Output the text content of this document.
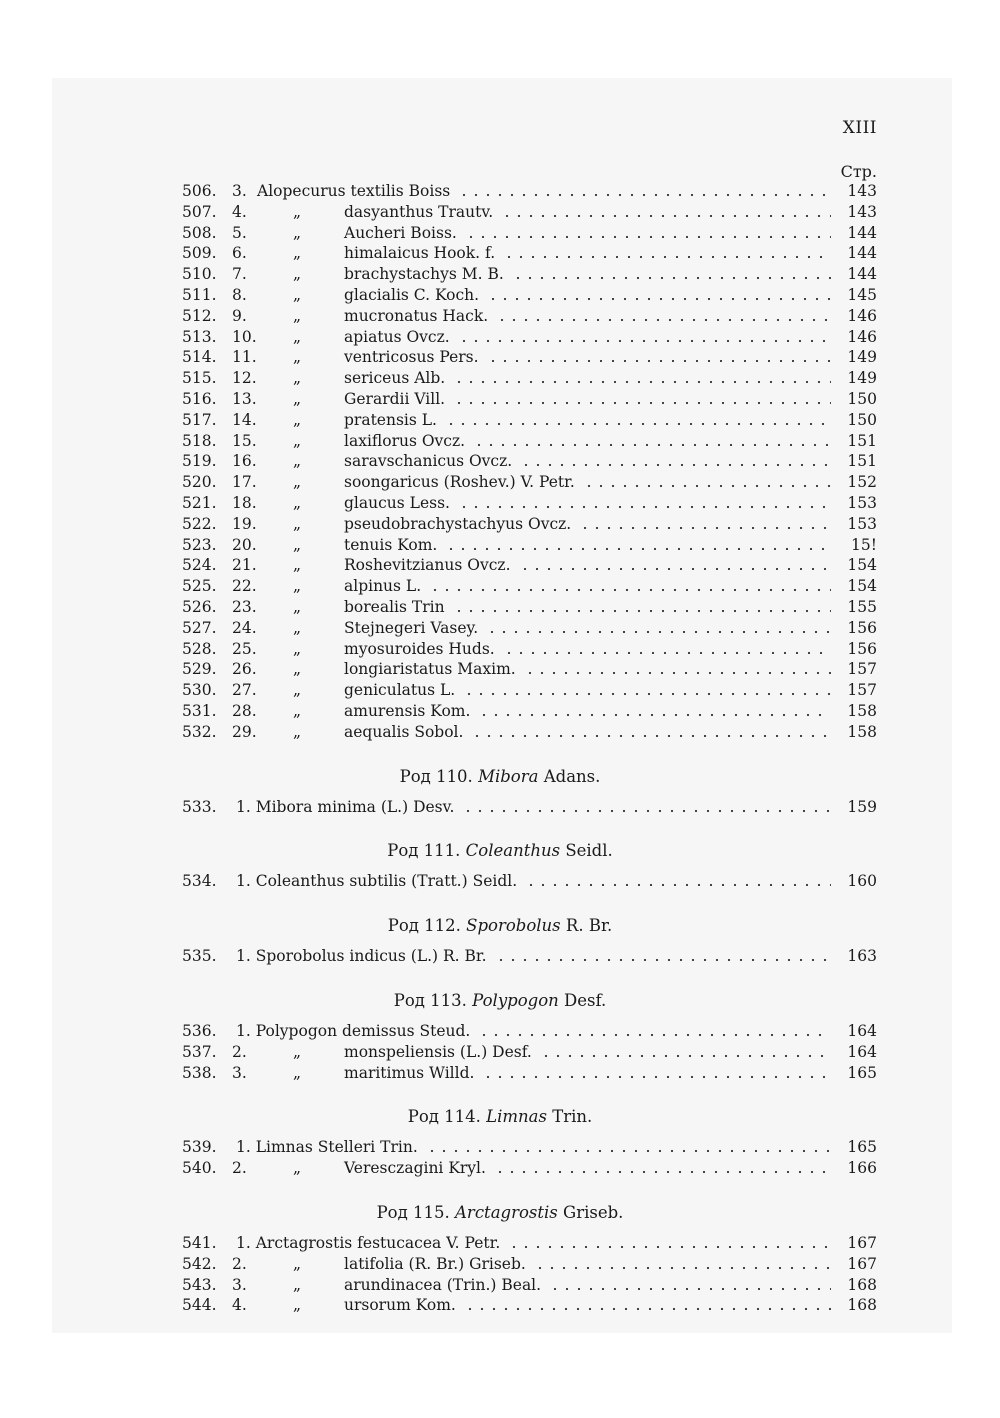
XIII
Стр.
506. 3. Alopecurus textilis Boiss	143
507. 4.	„	dasyanthus Trautv.	143
508. 5.	„	Aucheri Boiss.	144
509. 6.	„	himalaicus Hook. f.	144
510. 7.	„	brachystachys M. B.	144
511. 8.	„	glacialis C. Koch.	145
512. 9.	„	mucronatus Hack.	146
513. 10. „	apiatus Ovcz.	146
514. 11. „	ventricosus Pers.	149
515. 12. „	sericeus Alb.	149
516. 13. „	Gerardii Vill.	150
517. 14. „	pratensis L.	150
518. 15. „	laxiflorus Ovcz.	151
519. 16. „	saravschanicus Ovcz.	151
520. 17. „	soongaricus (Roshev.) V. Petr.	152
521. 18. „	glaucus Less.	153
522. 19. „	pseudobrachystachyus Ovcz.	153
523. 20. „	tenuis Kom.	15!
524. 21. „	Roshevitzianus Ovcz.	154
525. 22. „	alpinus L.	154
526. 23. „	borealis Trin	155
527. 24. „	Stejnegeri Vasey.	156
528. 25. „	myosuroides Huds.	156
529. 26. „	longiaristatus Maxim.	157
530. 27. „	geniculatus L.	157
531. 28. „	amurensis Kom.	158
532. 29. „	aequalis Sobol.	158
Род 110. Mibora Adans.
533. 1. Mibora minima (L.) Desv.	159
Род 111. Coleanthus Seidl.
534. 1. Coleanthus subtilis (Tratt.) Seidl.	160
Род 112. Sporobolus R. Br.
535. 1. Sporobolus indicus (L.) R. Br.	163
Род 113. Polypogon Desf.
536. 1. Polypogon demissus Steud.	164
537. 2.	„	monspeliensis (L.) Desf.	164
538. 3.	„	maritimus Willd.	165
Род 114. Limnas Trin.
539. 1. Limnas Stelleri Trin.	165
540. 2.	„	Veresczagini Kryl.	166
Род 115. Arctagrostis Griseb.
541. 1. Arctagrostis festucacea V. Petr.	167
542. 2.	„	latifolia (R. Br.) Griseb.	167
543. 3.	„	arundinacea (Trin.) Beal.	168
544. 4.	„	ursorum Kom.	168
